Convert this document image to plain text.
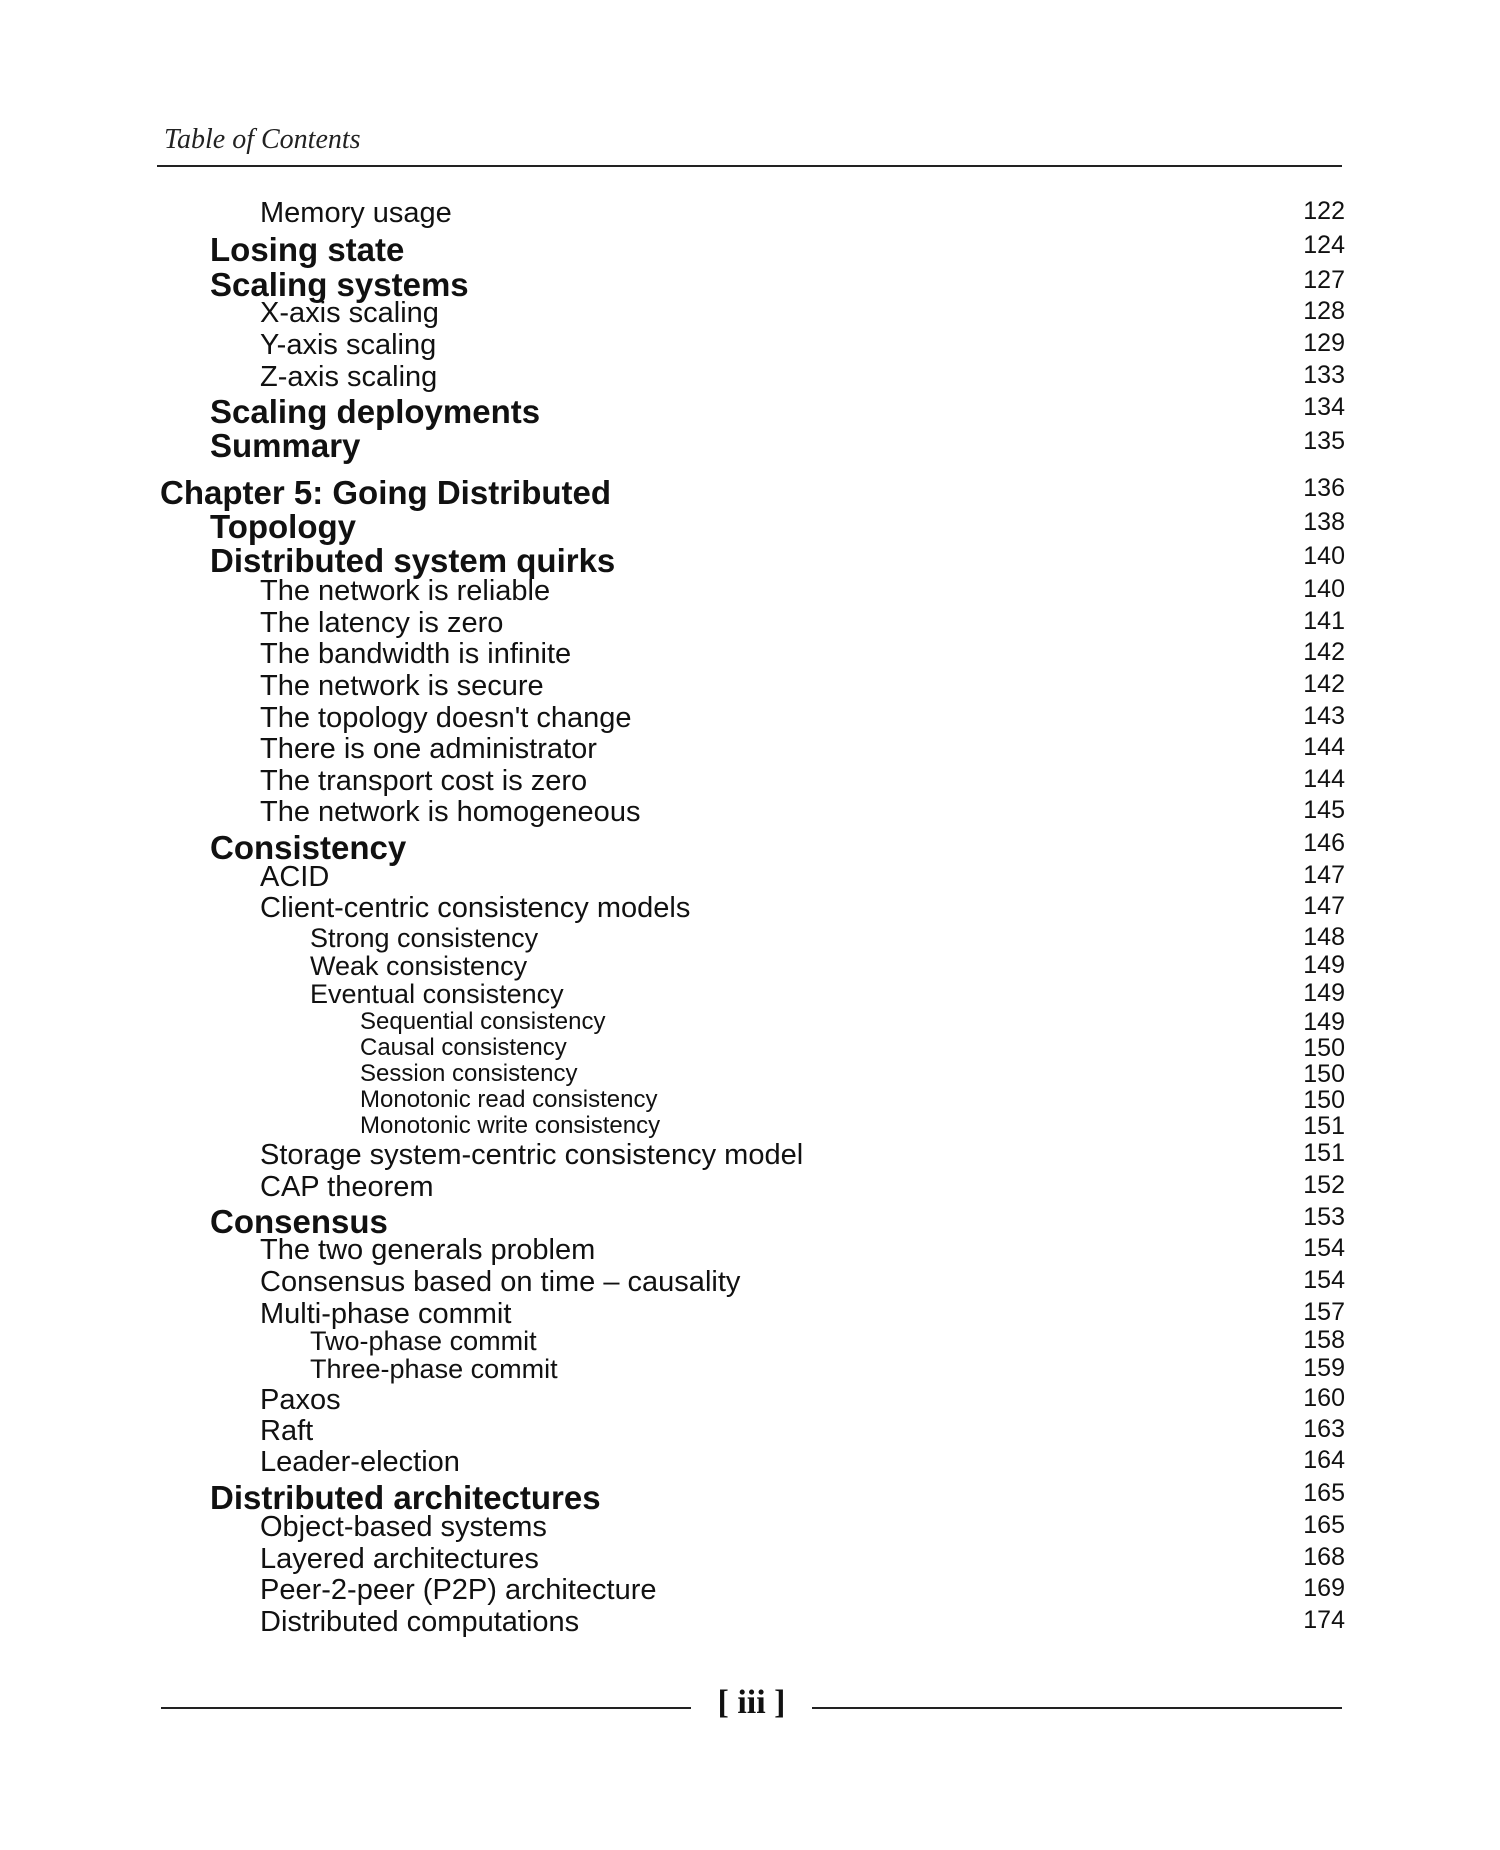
Table of Contents
Memory usage	122
Losing state	124
Scaling systems	127
X-axis scaling	128
Y-axis scaling	129
Z-axis scaling	133
Scaling deployments	134
Summary	135
Chapter 5: Going Distributed	136
Topology	138
Distributed system quirks	140
The network is reliable	140
The latency is zero	141
The bandwidth is infinite	142
The network is secure	142
The topology doesn't change	143
There is one administrator	144
The transport cost is zero	144
The network is homogeneous	145
Consistency	146
ACID	147
Client-centric consistency models	147
Strong consistency	148
Weak consistency	149
Eventual consistency	149
Sequential consistency	149
Causal consistency	150
Session consistency	150
Monotonic read consistency	150
Monotonic write consistency	151
Storage system-centric consistency model	151
CAP theorem	152
Consensus	153
The two generals problem	154
Consensus based on time – causality	154
Multi-phase commit	157
Two-phase commit	158
Three-phase commit	159
Paxos	160
Raft	163
Leader-election	164
Distributed architectures	165
Object-based systems	165
Layered architectures	168
Peer-2-peer (P2P) architecture	169
Distributed computations	174
[ iii ]
